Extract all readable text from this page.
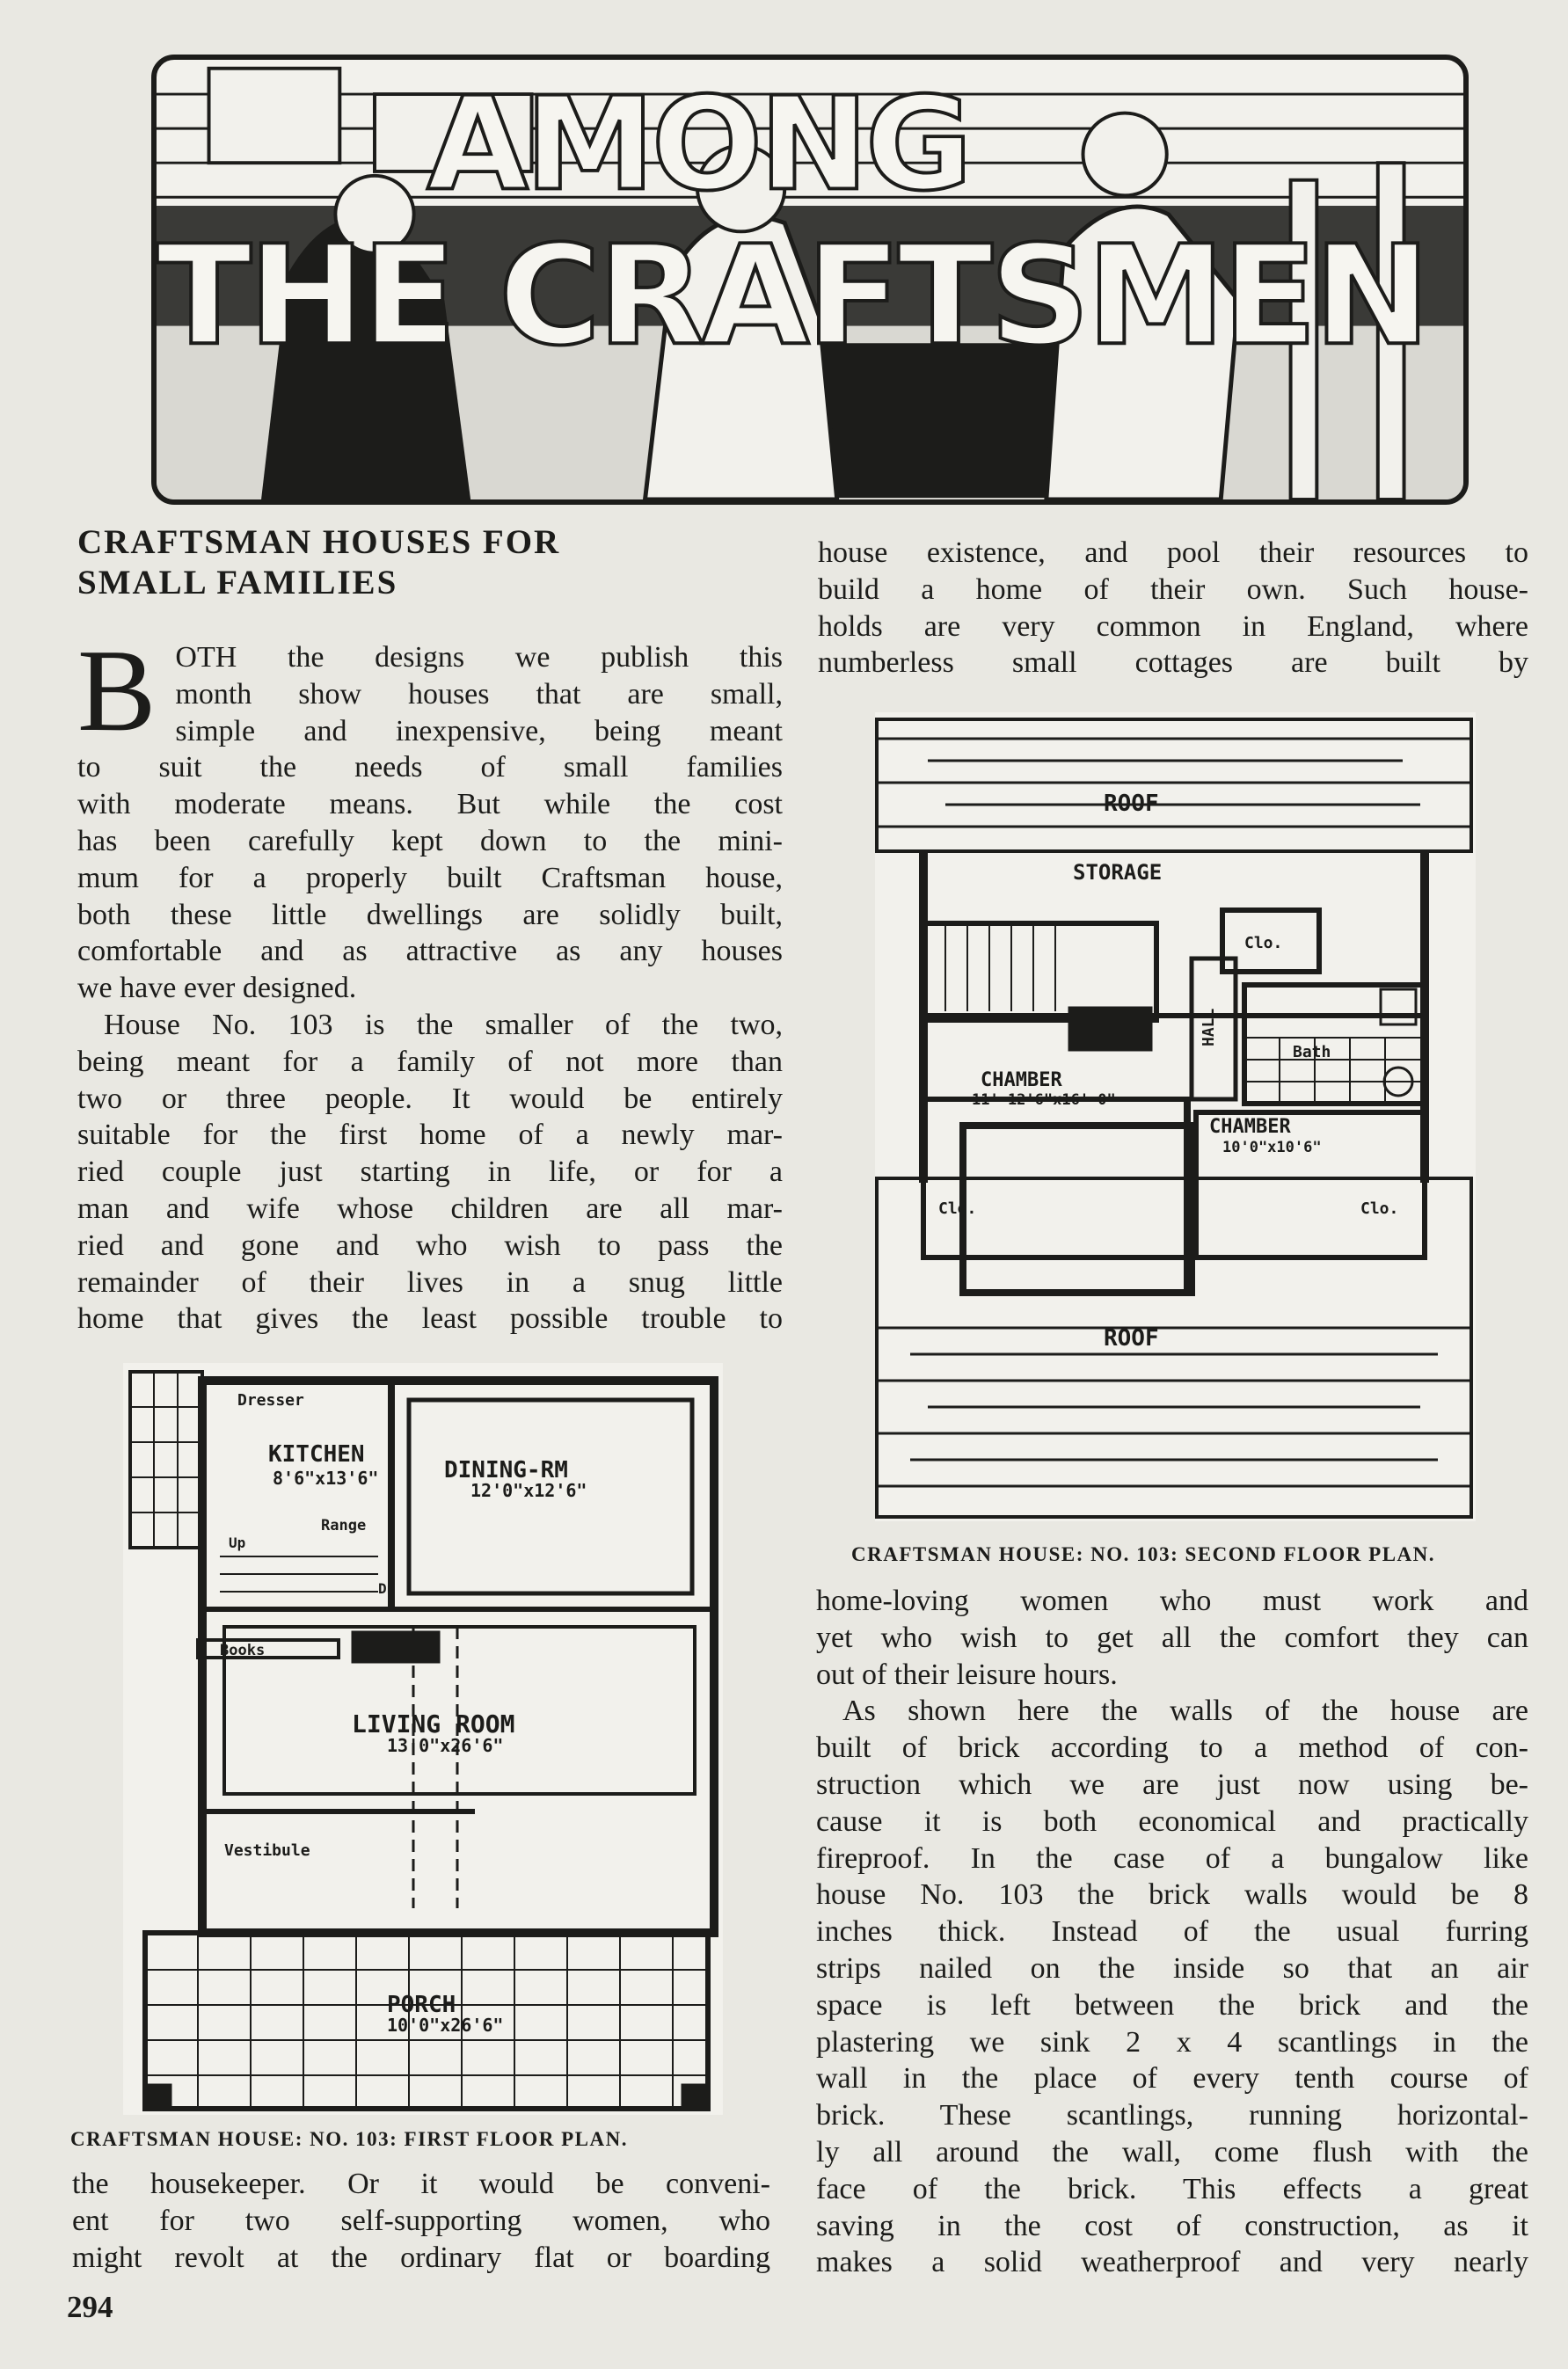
AMONG
THE CRAFTSMEN
CRAFTSMAN HOUSES FOR
SMALL FAMILIES
B OTH the designs we publish this

month show houses that are small,

simple and inexpensive, being meant

to suit the needs of small families

with moderate means. But while the cost

has been carefully kept down to the mini-

mum for a properly built Craftsman house,

both these little dwellings are solidly built,

comfortable and as attractive as any houses

we have ever designed.

House No. 103 is the smaller of the two,

being meant for a family of not more than

two or three people. It would be entirely

suitable for the first home of a newly mar-

ried couple just starting in life, or for a

man and wife whose children are all mar-

ried and gone and who wish to pass the

remainder of their lives in a snug little

home that gives the least possible trouble to

Dresser
KITCHEN
8'6"x13'6"	DINING-RM
12'0"x12'6"
Range
Up
Dn
Books
LIVING ROOM
13'0"x26'6"
Vestibule
PORCH
10'0"x26'6"
CRAFTSMAN HOUSE: NO. 103: FIRST FLOOR PLAN.

the housekeeper. Or it would be conveni-

ent for two self-supporting women, who

might revolt at the ordinary flat or boarding

house existence, and pool their resources to

build a home of their own. Such house-

holds are very common in England, where

numberless small cottages are built by

ROOF
STORAGE
Clo.
HALL
Bath
CHAMBER
11'-12'6"x16'-0"
CHAMBER
10'0"x10'6"
Clo.	Clo.
ROOF
CRAFTSMAN HOUSE: NO. 103: SECOND FLOOR PLAN.

home-loving women who must work and

yet who wish to get all the comfort they can

out of their leisure hours.

As shown here the walls of the house are

built of brick according to a method of con-

struction which we are just now using be-

cause it is both economical and practically

fireproof. In the case of a bungalow like

house No. 103 the brick walls would be 8

inches thick. Instead of the usual furring

strips nailed on the inside so that an air

space is left between the brick and the

plastering we sink 2 x 4 scantlings in the

wall in the place of every tenth course of

brick. These scantlings, running horizontal-

ly all around the wall, come flush with the

face of the brick. This effects a great

saving in the cost of construction, as it

makes a solid weatherproof and very nearly

294
